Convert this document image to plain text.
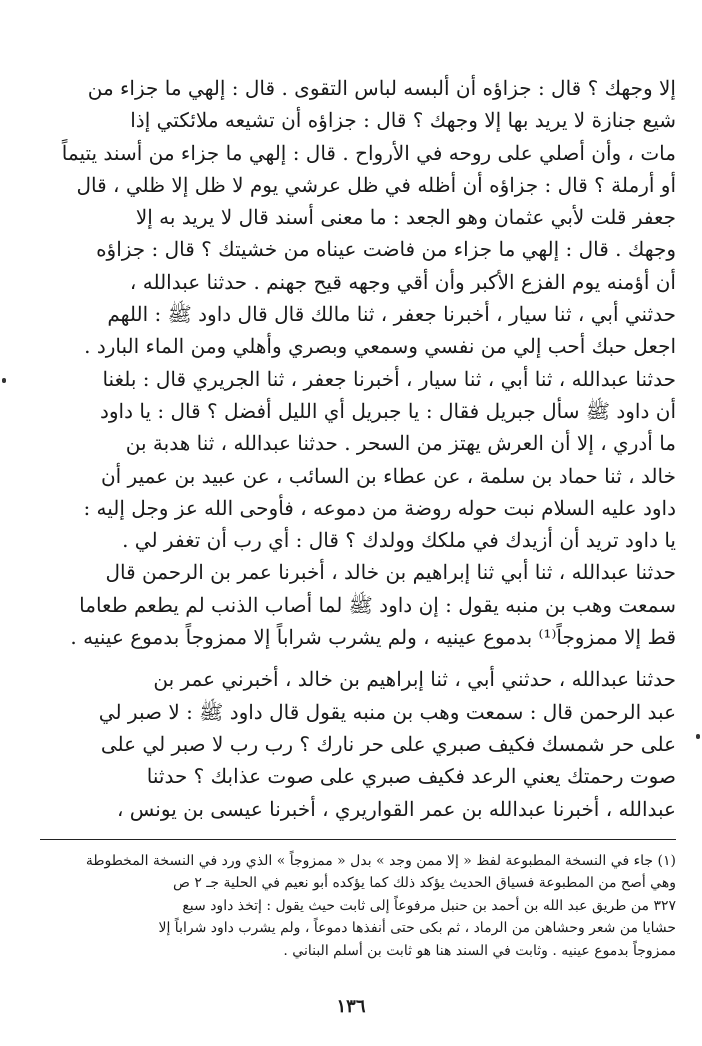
إلا وجهك ؟ قال : جزاؤه أن ألبسه لباس التقوى . قال : إلهي ما جزاء من
شيع جنازة لا يريد بها إلا وجهك ؟ قال : جزاؤه أن تشيعه ملائكتي إذا
مات ، وأن أصلي على روحه في الأرواح . قال : إلهي ما جزاء من أسند يتيماً
أو أرملة ؟ قال : جزاؤه أن أظله في ظل عرشي يوم لا ظل إلا ظلي ، قال
جعفر قلت لأبي عثمان وهو الجعد : ما معنى أسند قال لا يريد به إلا
وجهك . قال : إلهي ما جزاء من فاضت عيناه من خشيتك ؟ قال : جزاؤه
أن أؤمنه يوم الفزع الأكبر وأن أقي وجهه قيح جهنم . حدثنا عبدالله ،
حدثني أبي ، ثنا سيار ، أخبرنا جعفر ، ثنا مالك قال قال داود ﷺ : اللهم
اجعل حبك أحب إلي من نفسي وسمعي وبصري وأهلي ومن الماء البارد .
حدثنا عبدالله ، ثنا أبي ، ثنا سيار ، أخبرنا جعفر ، ثنا الجريري قال : بلغنا
أن داود ﷺ سأل جبريل فقال : يا جبريل أي الليل أفضل ؟ قال : يا داود
ما أدري ، إلا أن العرش يهتز من السحر . حدثنا عبدالله ، ثنا هدبة بن
خالد ، ثنا حماد بن سلمة ، عن عطاء بن السائب ، عن عبيد بن عمير أن
داود عليه السلام نبت حوله روضة من دموعه ، فأوحى الله عز وجل إليه :
يا داود تريد أن أزيدك في ملكك وولدك ؟ قال : أي رب أن تغفر لي .
حدثنا عبدالله ، ثنا أبي ثنا إبراهيم بن خالد ، أخبرنا عمر بن الرحمن قال
سمعت وهب بن منبه يقول : إن داود ﷺ لما أصاب الذنب لم يطعم طعاما
قط إلا ممزوجاً⁽¹⁾ بدموع عينيه ، ولم يشرب شراباً إلا ممزوجاً بدموع عينيه .

حدثنا عبدالله ، حدثني أبي ، ثنا إبراهيم بن خالد ، أخبرني عمر بن
عبد الرحمن قال : سمعت وهب بن منبه يقول قال داود ﷺ : لا صبر لي
على حر شمسك فكيف صبري على حر نارك ؟ رب رب لا صبر لي على
صوت رحمتك يعني الرعد فكيف صبري على صوت عذابك ؟ حدثنا
عبدالله ، أخبرنا عبدالله بن عمر القواريري ، أخبرنا عيسى بن يونس ،

(١) جاء في النسخة المطبوعة لفظ « إلا ممن وجد » بدل « ممزوجاً » الذي ورد في النسخة المخطوطة
وهي أصح من المطبوعة فسياق الحديث يؤكد ذلك كما يؤكده أبو نعيم في الحلية جـ ٢ ص
٣٢٧ من طريق عبد الله بن أحمد بن حنبل مرفوعاً إلى ثابت حيث يقول : إتخذ داود سبع
حشايا من شعر وحشاهن من الرماد ، ثم بكى حتى أنفذها دموعاً ، ولم يشرب داود شراباً إلا
ممزوجاً بدموع عينيه . وثابت في السند هنا هو ثابت بن أسلم البناني .

١٣٦
